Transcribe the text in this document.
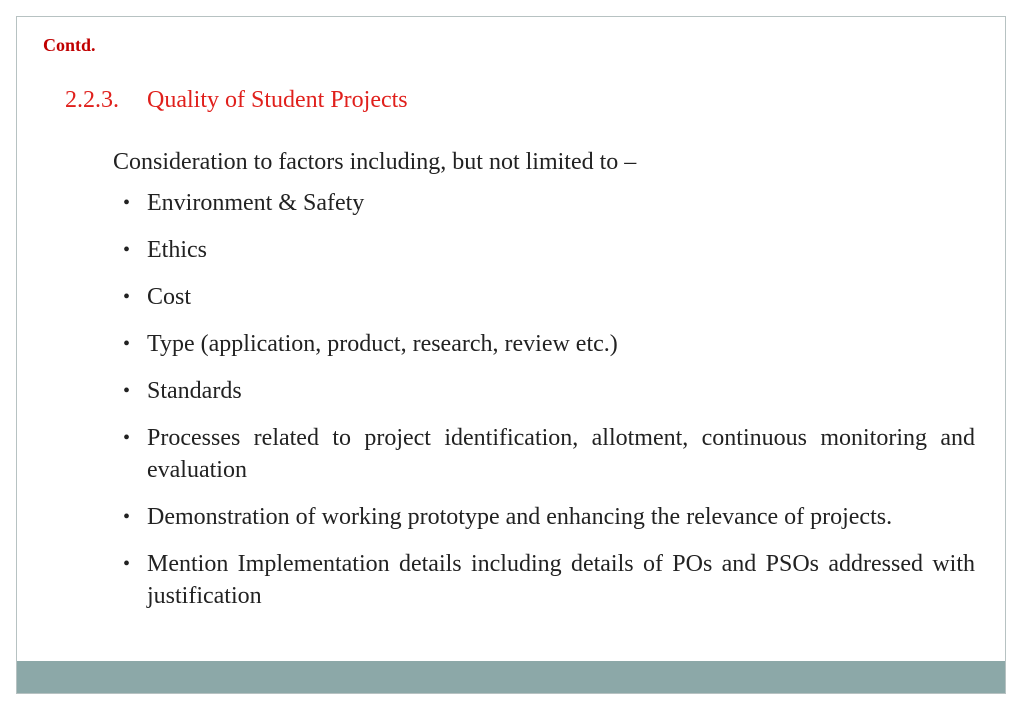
Contd.
2.2.3. Quality of Student Projects
Consideration to factors including, but not limited to –
• Environment & Safety
• Ethics
• Cost
• Type (application, product, research, review etc.)
• Standards
• Processes related to project identification, allotment, continuous monitoring and evaluation
• Demonstration of working prototype and enhancing the relevance of projects.
• Mention Implementation details including details of POs and PSOs addressed with justification
